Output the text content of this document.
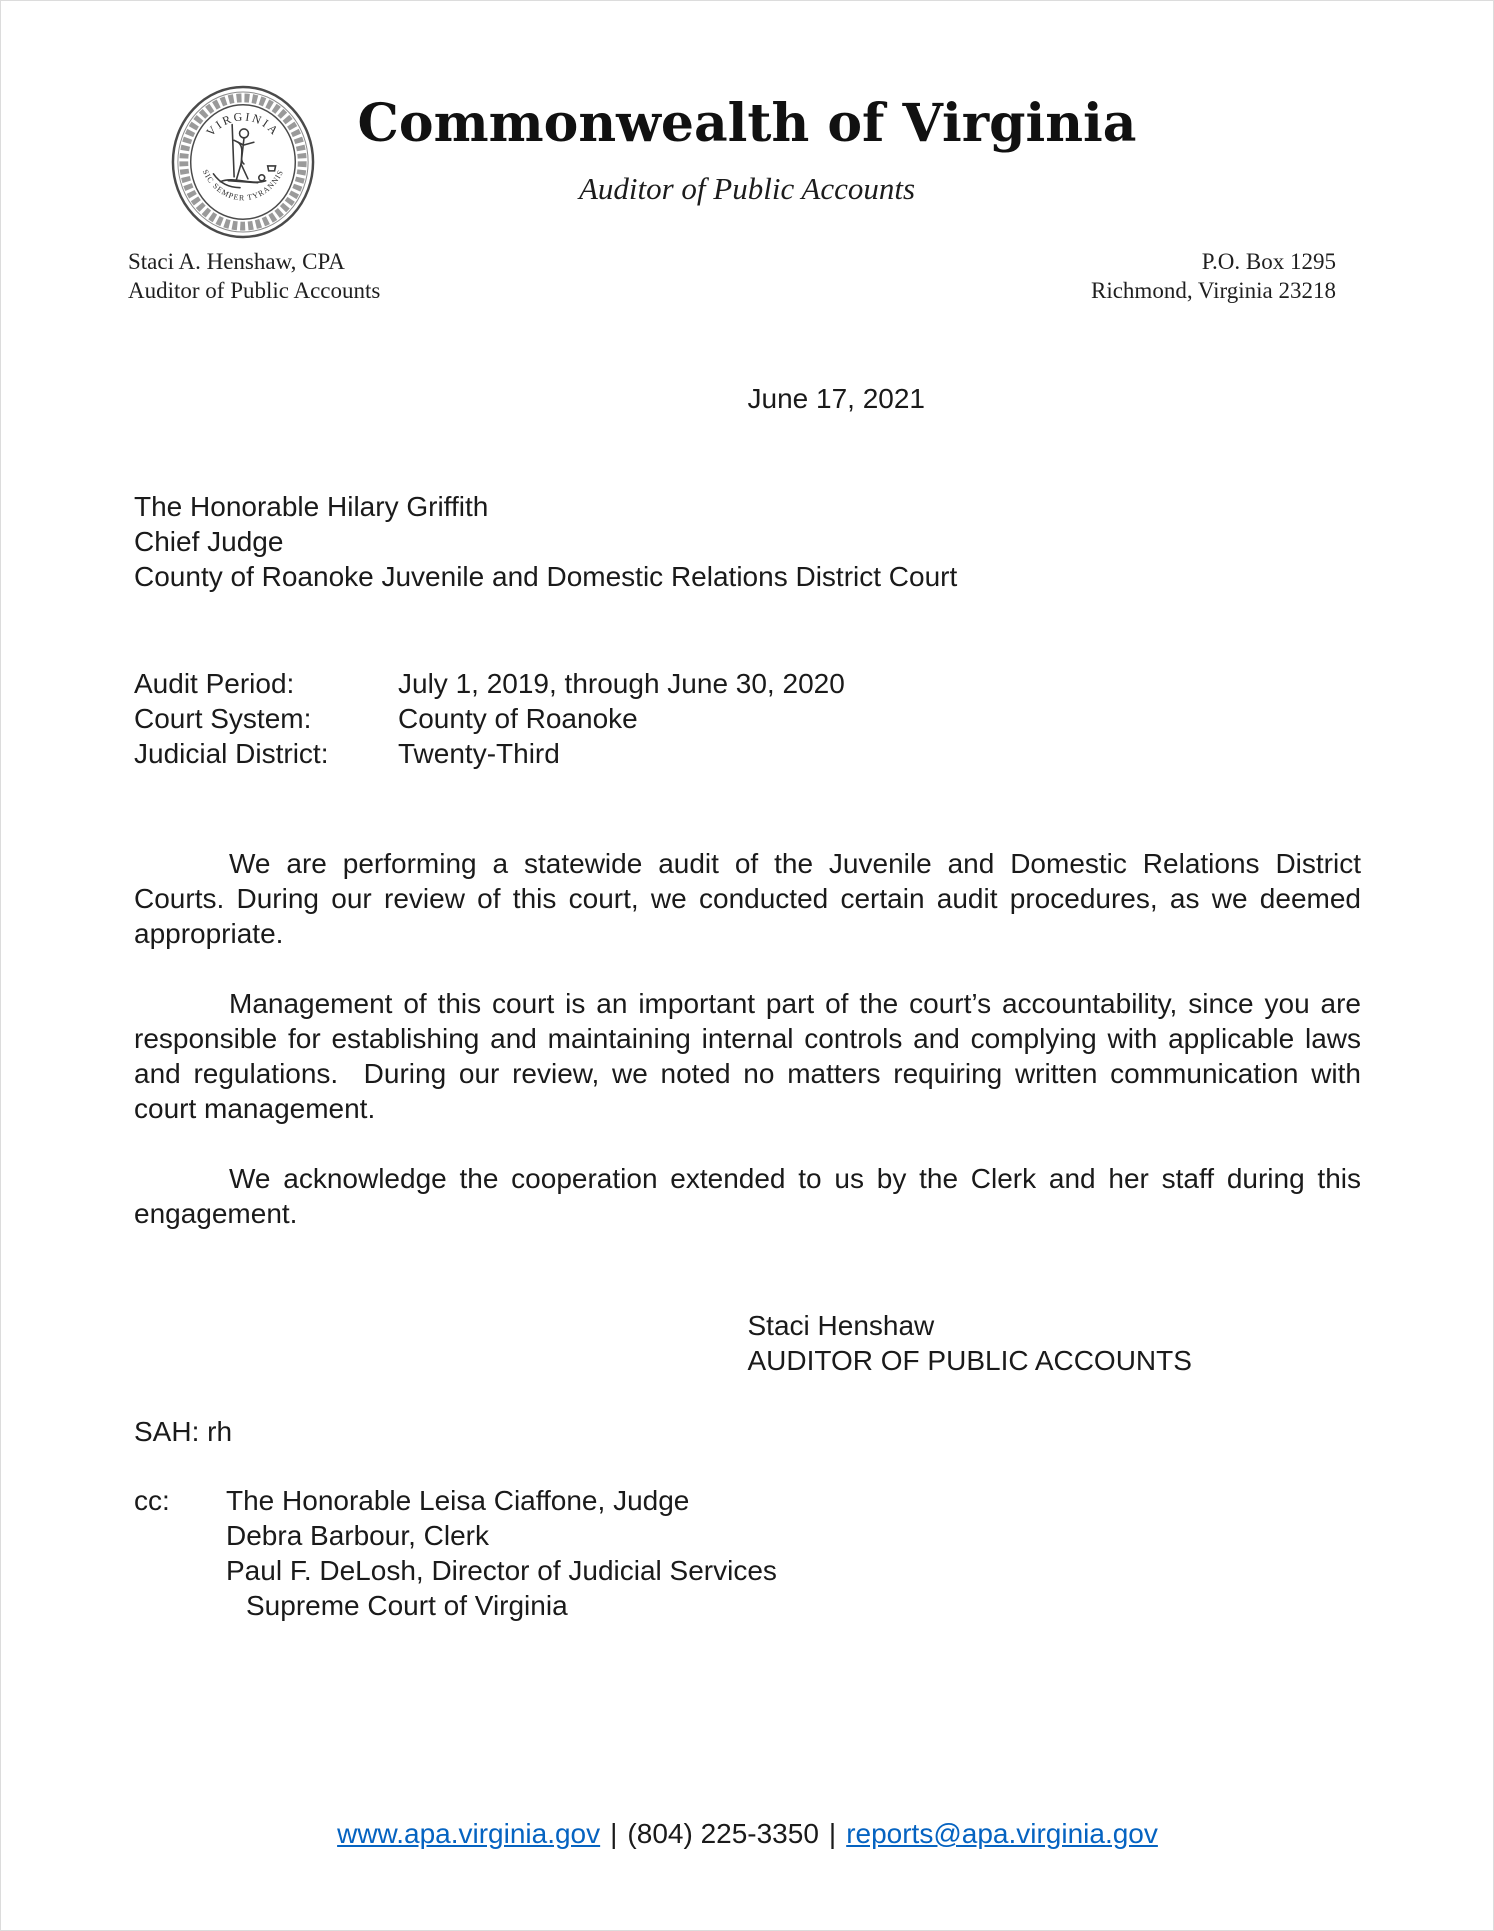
VIRGINIA
SIC SEMPER TYRANNIS
Commonwealth of Virginia
Auditor of Public Accounts
Staci A. Henshaw, CPA
Auditor of Public Accounts
P.O. Box 1295
Richmond, Virginia 23218
June 17, 2021
The Honorable Hilary Griffith
Chief Judge
County of Roanoke Juvenile and Domestic Relations District Court
Audit Period:	July 1, 2019, through June 30, 2020
Court System:	County of Roanoke
Judicial District:	Twenty-Third

We are performing a statewide audit of the Juvenile and Domestic Relations District Courts. During our review of this court, we conducted certain audit procedures, as we deemed appropriate.

Management of this court is an important part of the court’s accountability, since you are responsible for establishing and maintaining internal controls and complying with applicable laws and regulations.  During our review, we noted no matters requiring written communication with court management.

We acknowledge the cooperation extended to us by the Clerk and her staff during this engagement.

Staci Henshaw
AUDITOR OF PUBLIC ACCOUNTS
SAH: rh
cc:	The Honorable Leisa Ciaffone, Judge
Debra Barbour, Clerk
Paul F. DeLosh, Director of Judicial Services
Supreme Court of Virginia
www.apa.virginia.gov | (804) 225-3350 | reports@apa.virginia.gov
